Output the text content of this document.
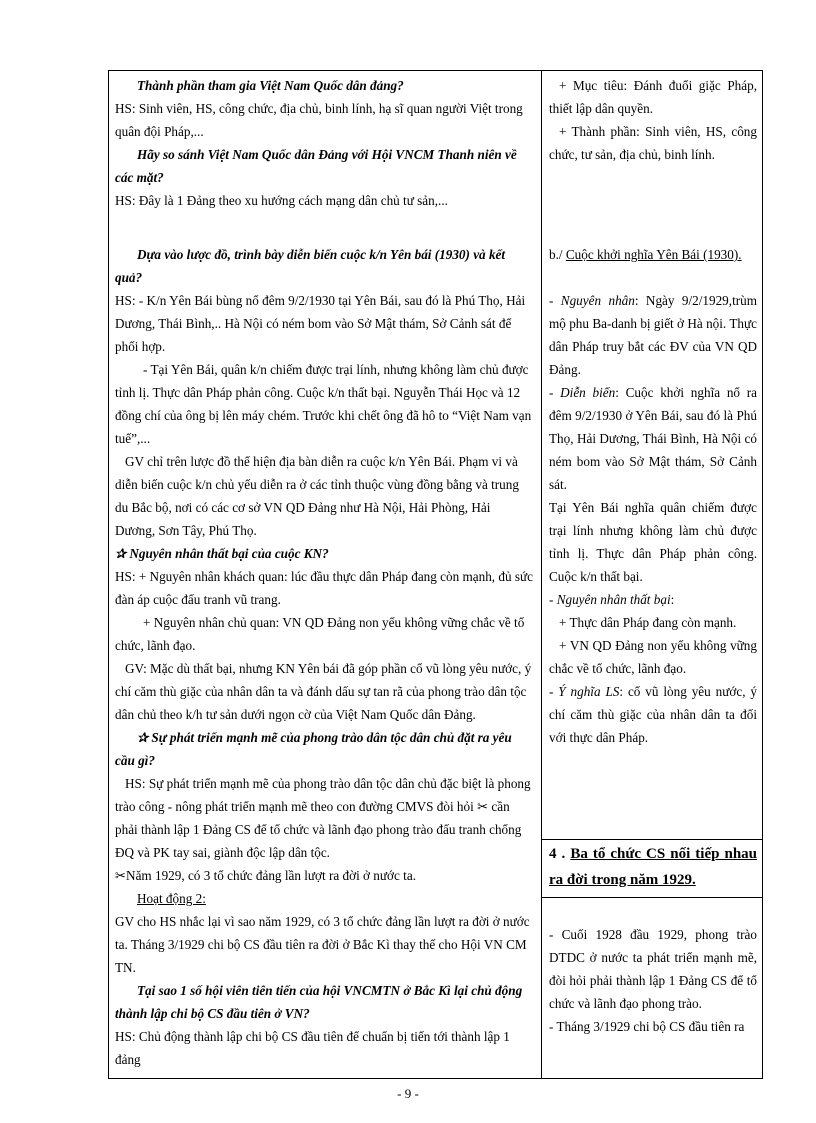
Thành phần tham gia Việt Nam Quốc dân đảng?

HS: Sinh viên, HS, công chức, địa chủ, binh lính, hạ sĩ quan người Việt trong quân đội Pháp,...

Hãy so sánh Việt Nam Quốc dân Đảng với Hội VNCM Thanh niên về các mặt?

HS: Đây là 1 Đảng theo xu hướng cách mạng dân chủ tư sản,...

Dựa vào lược đồ, trình bày diễn biến cuộc k/n Yên bái (1930) và kết quả?

HS: - K/n Yên Bái bùng nổ đêm 9/2/1930 tại Yên Bái, sau đó là Phú Thọ, Hải Dương, Thái Bình,.. Hà Nội có ném bom vào Sở Mật thám, Sở Cảnh sát để phối hợp.

- Tại Yên Bái, quân k/n chiếm được trại lính, nhưng không làm chủ được tỉnh lị. Thực dân Pháp phản công. Cuộc k/n thất bại. Nguyễn Thái Học và 12 đồng chí của ông bị lên máy chém. Trước khi chết ông đã hô to “Việt Nam vạn tuế”,...

GV chỉ trên lược đồ thể hiện địa bàn diễn ra cuộc k/n Yên Bái. Phạm vi và diễn biến cuộc k/n chủ yếu diễn ra ở các tỉnh thuộc vùng đồng bằng và trung du Bắc bộ, nơi có các cơ sở VN QD Đảng như Hà Nội, Hải Phòng, Hải Dương, Sơn Tây, Phú Thọ.

✰ Nguyên nhân thất bại của cuộc KN?

HS: + Nguyên nhân khách quan: lúc đầu thực dân Pháp đang còn mạnh, đủ sức đàn áp cuộc đấu tranh vũ trang.

+ Nguyên nhân chủ quan: VN QD Đảng non yếu không vững chắc về tổ chức, lãnh đạo.

GV: Mặc dù thất bại, nhưng KN Yên bái đã góp phần cổ vũ lòng yêu nước, ý chí căm thù giặc của nhân dân ta và đánh dấu sự tan rã của phong trào dân tộc dân chủ theo k/h tư sản dưới ngọn cờ của Việt Nam Quốc dân Đảng.

✰ Sự phát triển mạnh mẽ của phong trào dân tộc dân chủ đặt ra yêu cầu gì?

HS: Sự phát triển mạnh mẽ của phong trào dân tộc dân chủ đặc biệt là phong trào công - nông phát triển mạnh mẽ theo con đường CMVS đòi hỏi ✂ cần phải thành lập 1 Đảng CS để tổ chức và lãnh đạo phong trào đấu tranh chống ĐQ và PK tay sai, giành độc lập dân tộc.

✂Năm 1929, có 3 tổ chức đảng lần lượt ra đời ở nước ta.

Hoạt động 2:

GV cho HS nhắc lại vì sao năm 1929, có 3 tổ chức đảng lần lượt ra đời ở nước ta. Tháng 3/1929 chi bộ CS đầu tiên ra đời ở Bắc Kì thay thế cho Hội VN CM TN.

Tại sao 1 số hội viên tiên tiến của hội VNCMTN ở Bắc Kì lại chủ động thành lập chi bộ CS đầu tiên ở VN?

HS: Chủ động thành lập chi bộ CS đầu tiên để chuẩn bị tiến tới thành lập 1 đảng

+ Mục tiêu: Đánh đuổi giặc Pháp, thiết lập dân quyền.

+ Thành phần: Sinh viên, HS, công chức, tư sản, địa chủ, binh lính.

b./ Cuộc khởi nghĩa Yên Bái (1930).

- Nguyên nhân: Ngày 9/2/1929,trùm mộ phu Ba-danh bị giết ở Hà nội. Thực dân Pháp truy bắt các ĐV của VN QD Đảng.

- Diễn biến: Cuộc khởi nghĩa nổ ra đêm 9/2/1930 ở Yên Bái, sau đó là Phú Thọ, Hải Dương, Thái Bình, Hà Nội có ném bom vào Sở Mật thám, Sở Cảnh sát.

Tại Yên Bái nghĩa quân chiếm được trại lính nhưng không làm chủ được tỉnh lị. Thực dân Pháp phản công. Cuộc k/n thất bại.

- Nguyên nhân thất bại:

+ Thực dân Pháp đang còn mạnh.

+ VN QD Đảng non yếu không vững chắc về tổ chức, lãnh đạo.

- Ý nghĩa LS: cổ vũ lòng yêu nước, ý chí căm thù giặc của nhân dân ta đối với thực dân Pháp.

4 . Ba tổ chức CS nối tiếp nhau ra đời trong năm 1929.

- Cuối 1928 đầu 1929, phong trào DTDC ở nước ta phát triển mạnh mẽ, đòi hỏi phải thành lập 1 Đảng CS để tổ chức và lãnh đạo phong trào.

- Tháng 3/1929 chi bộ CS đầu tiên ra

- 9 -
